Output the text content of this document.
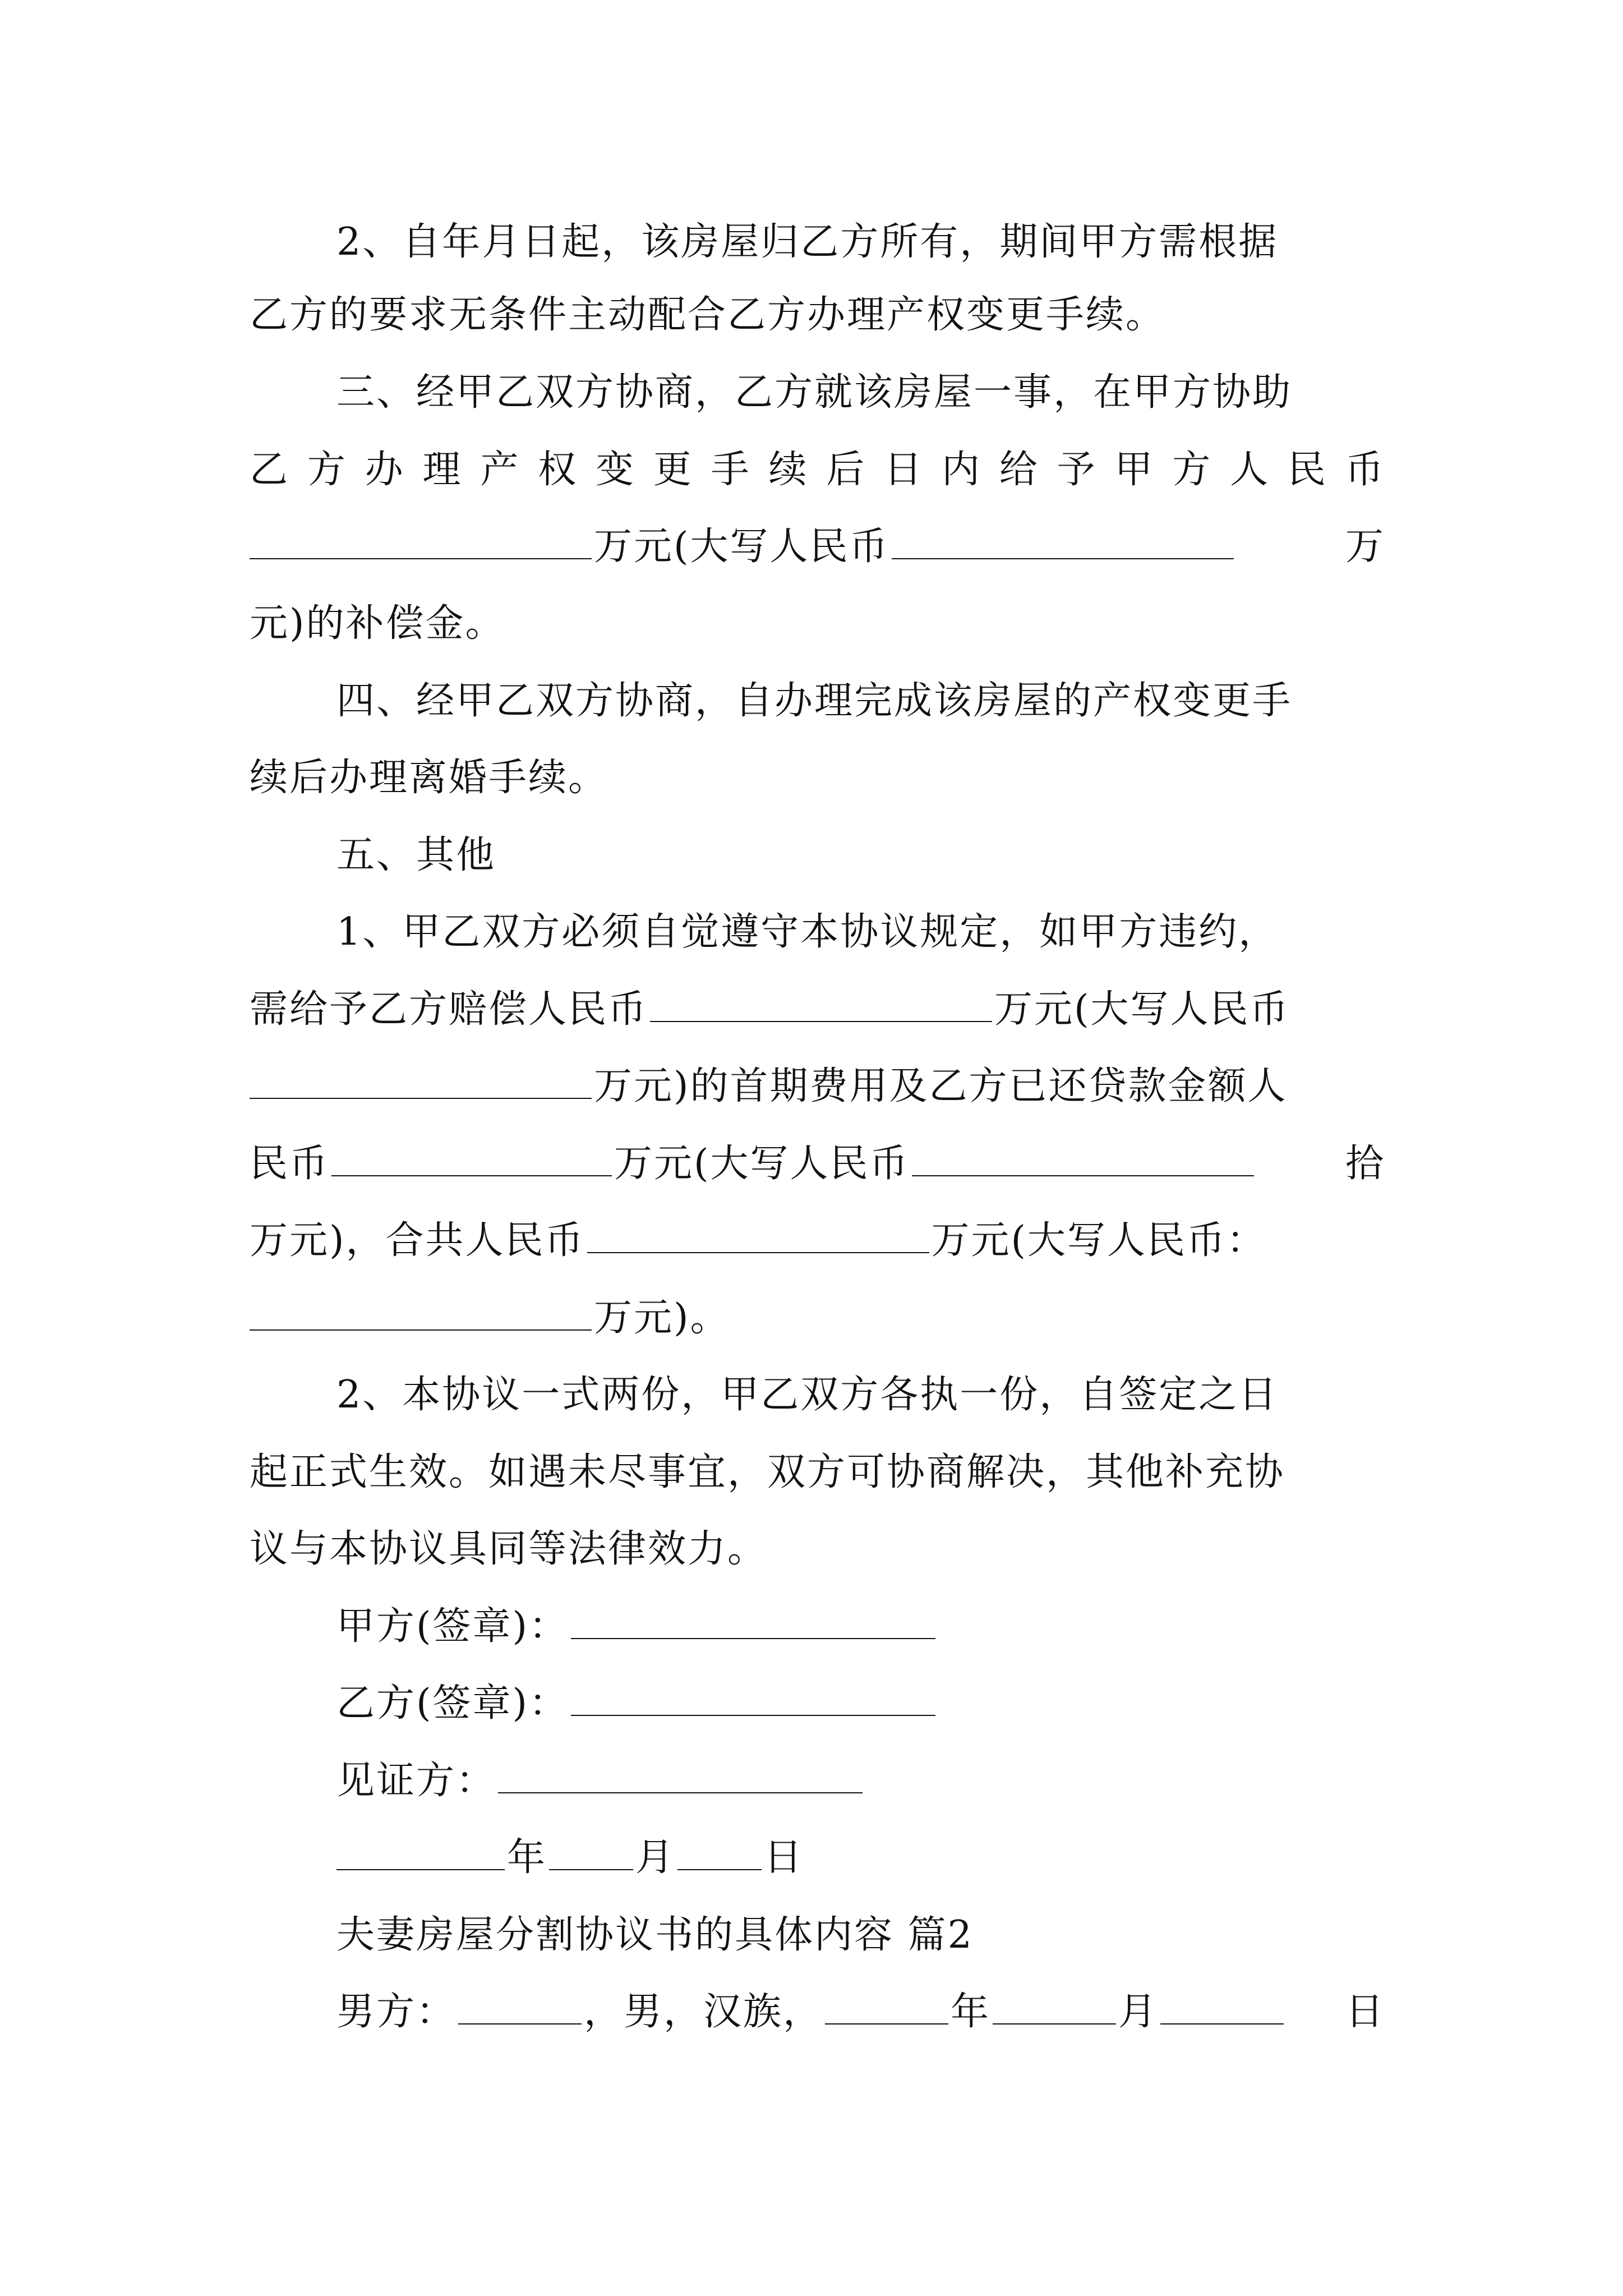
2、自年月日起，该房屋归乙方所有，期间甲方需根据
乙方的要求无条件主动配合乙方办理产权变更手续。
三、经甲乙双方协商，乙方就该房屋一事，在甲方协助
乙 方 办 理 产 权 变 更 手 续 后 日 内 给 予 甲 方 人 民 币
万元(大写人民币	万
元)的补偿金。
四、经甲乙双方协商，自办理完成该房屋的产权变更手
续后办理离婚手续。
五、其他
1、甲乙双方必须自觉遵守本协议规定，如甲方违约，
需给予乙方赔偿人民币	万元(大写人民币
万元)的首期费用及乙方已还贷款金额人
民币	万元(大写人民币	拾
万元)，合共人民币	万元(大写人民币：
万元)。
2、本协议一式两份，甲乙双方各执一份，自签定之日
起正式生效。如遇未尽事宜，双方可协商解决，其他补充协
议与本协议具同等法律效力。
甲方(签章)：
乙方(签章)：
见证方：
年 月 日
夫妻房屋分割协议书的具体内容 篇2
男方：	，男，汉族，	年	月	日
